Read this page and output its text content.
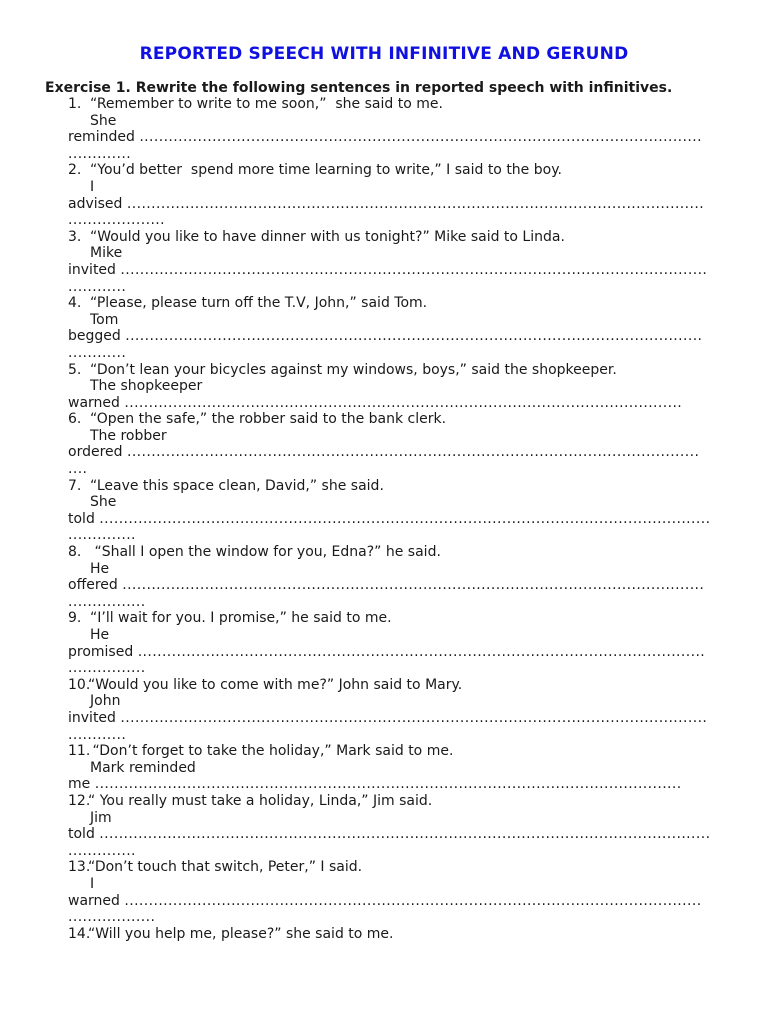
REPORTED SPEECH WITH INFINITIVE AND GERUND
Exercise 1. Rewrite the following sentences in reported speech with infinitives.
1. “Remember to write to me soon,”  she said to me.
She
reminded ....................................................................................................................
.............
2. “You’d better  spend more time learning to write,” I said to the boy.
I
advised .......................................................................................................................
....................
3. “Would you like to have dinner with us tonight?” Mike said to Linda.
Mike
invited .........................................................................................................................
............
4. “Please, please turn off the T.V, John,” said Tom.
Tom
begged .......................................................................................................................
............
5. “Don’t lean your bicycles against my windows, boys,” said the shopkeeper.
The shopkeeper
warned ...................................................................................................................
6. “Open the safe,” the robber said to the bank clerk.
The robber
ordered ......................................................................................................................
....
7. “Leave this space clean, David,” she said.
She
told ..............................................................................................................................
..............
8. “Shall I open the window for you, Edna?” he said.
He
offered ........................................................................................................................
................
9. “I’ll wait for you. I promise,” he said to me.
He
promised .....................................................................................................................
................
10.“Would you like to come with me?” John said to Mary.
John
invited .........................................................................................................................
............
11. “Don’t forget to take the holiday,” Mark said to me.
Mark reminded
me .........................................................................................................................
12.“ You really must take a holiday, Linda,” Jim said.
Jim
told ..............................................................................................................................
..............
13.“Don’t touch that switch, Peter,” I said.
I
warned .......................................................................................................................
..................
14.“Will you help me, please?” she said to me.
